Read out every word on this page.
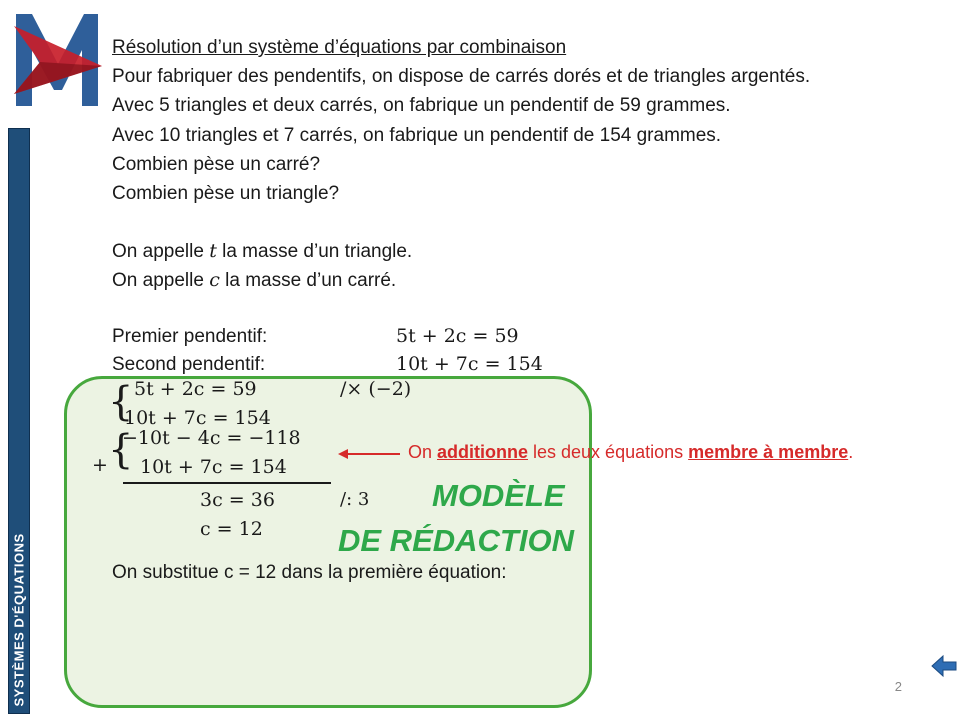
SYSTÈMES D'ÉQUATIONS
Résolution d’un système d’équations par combinaison
Pour fabriquer des pendentifs, on dispose de carrés dorés et de triangles argentés.
Avec 5 triangles et deux carrés, on fabrique un pendentif de 59 grammes.
Avec 10 triangles et 7 carrés, on fabrique un pendentif de 154 grammes.
Combien pèse un carré?
Combien pèse un triangle?
On appelle t la masse d’un triangle.
On appelle c la masse d’un carré.
Premier pendentif:	5t + 2c = 59
Second pendentif:	10t + 7c = 154
{ 5t + 2c = 59
10t + 7c = 154
/× (−2)
{
+
−10t − 4c = −118
10t + 7c = 154
3c = 36	/: 3
c = 12
On additionne les deux équations membre à membre.
MODÈLE
DE RÉDACTION
On substitue c = 12 dans la première équation:
2
